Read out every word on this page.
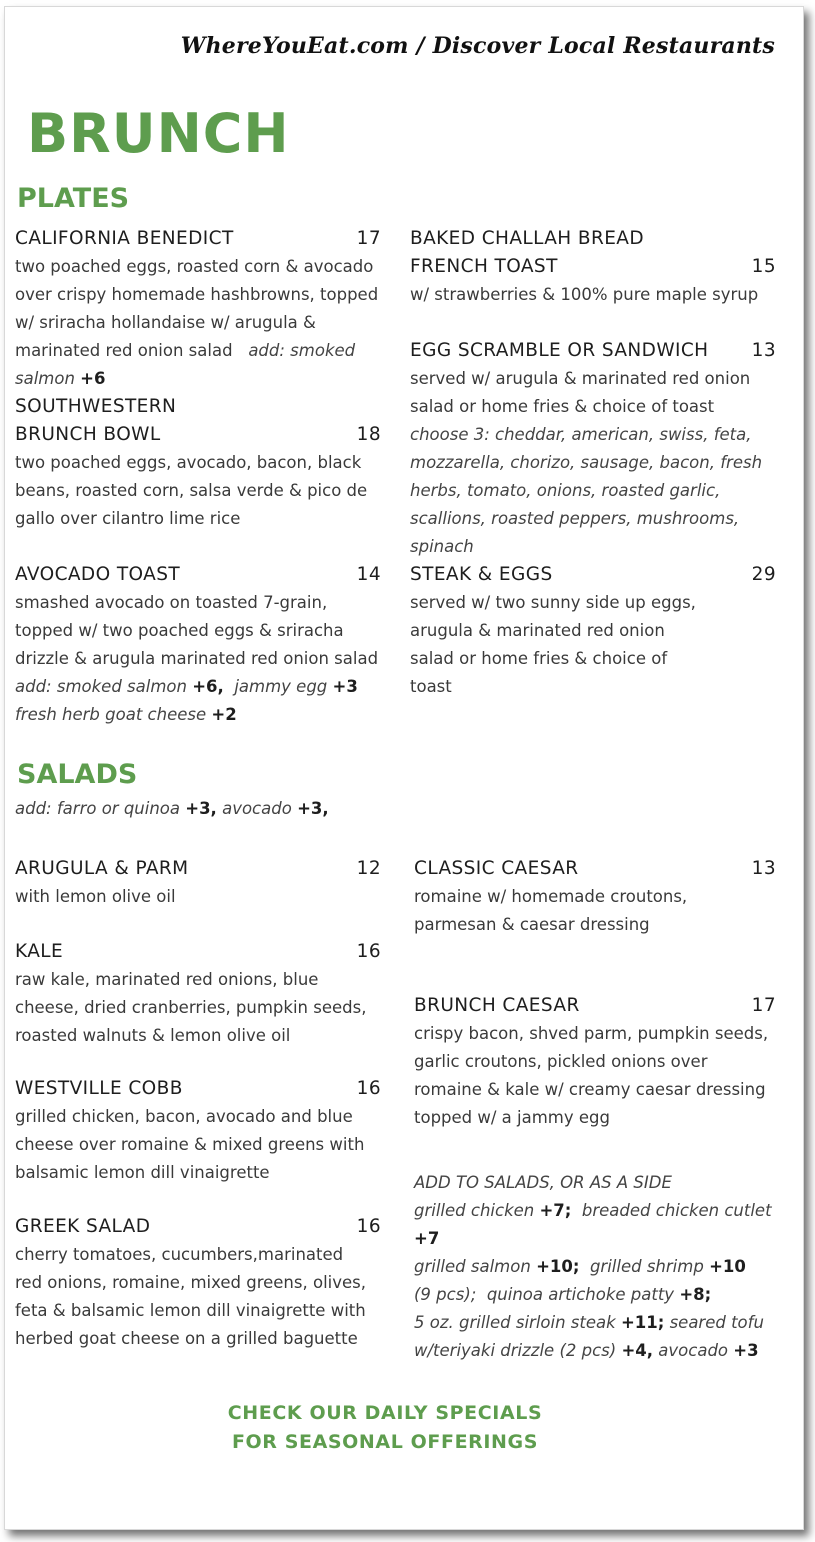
WhereYouEat.com / Discover Local Restaurants
BRUNCH
PLATES
CALIFORNIA BENEDICT	17
two poached eggs, roasted corn & avocado over crispy homemade hashbrowns, topped w/ sriracha hollandaise w/ arugula & marinated red onion salad add: smoked salmon +6
SOUTHWESTERN
BRUNCH BOWL	18
two poached eggs, avocado, bacon, black beans, roasted corn, salsa verde & pico de gallo over cilantro lime rice
AVOCADO TOAST	14
smashed avocado on toasted 7-grain, topped w/ two poached eggs & sriracha drizzle & arugula marinated red onion salad
add: smoked salmon +6, jammy egg +3
fresh herb goat cheese +2
BAKED CHALLAH BREAD
FRENCH TOAST	15
w/ strawberries & 100% pure maple syrup
EGG SCRAMBLE OR SANDWICH 13
served w/ arugula & marinated red onion salad or home fries & choice of toast
choose 3: cheddar, american, swiss, feta, mozzarella, chorizo, sausage, bacon, fresh herbs, tomato, onions, roasted garlic, scallions, roasted peppers, mushrooms, spinach
STEAK & EGGS	29
served w/ two sunny side up eggs, arugula & marinated red onion salad or home fries & choice of toast
SALADS
add: farro or quinoa +3, avocado +3,
ARUGULA & PARM	12
with lemon olive oil
KALE	16
raw kale, marinated red onions, blue cheese, dried cranberries, pumpkin seeds, roasted walnuts & lemon olive oil
WESTVILLE COBB	16
grilled chicken, bacon, avocado and blue cheese over romaine & mixed greens with balsamic lemon dill vinaigrette
GREEK SALAD	16
cherry tomatoes, cucumbers,marinated red onions, romaine, mixed greens, olives, feta & balsamic lemon dill vinaigrette with herbed goat cheese on a grilled baguette
CLASSIC CAESAR	13
romaine w/ homemade croutons, parmesan & caesar dressing
BRUNCH CAESAR	17
crispy bacon, shved parm, pumpkin seeds, garlic croutons, pickled onions over romaine & kale w/ creamy caesar dressing topped w/ a jammy egg
ADD TO SALADS, OR AS A SIDE
grilled chicken +7; breaded chicken cutlet +7
grilled salmon +10; grilled shrimp +10
(9 pcs); quinoa artichoke patty +8;
5 oz. grilled sirloin steak +11; seared tofu w/teriyaki drizzle (2 pcs) +4, avocado +3
CHECK OUR DAILY SPECIALS
FOR SEASONAL OFFERINGS
